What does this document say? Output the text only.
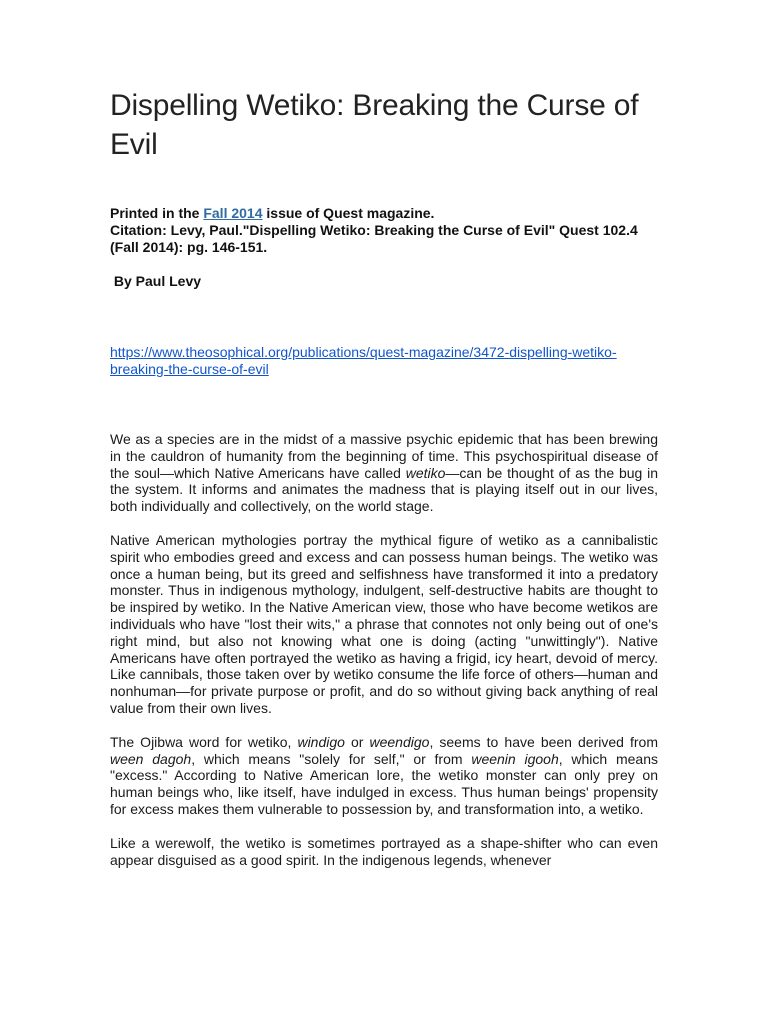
Dispelling Wetiko: Breaking the Curse of Evil
Printed in the Fall 2014 issue of Quest magazine.
Citation: Levy, Paul."Dispelling Wetiko: Breaking the Curse of Evil" Quest 102.4 (Fall 2014): pg. 146-151.
By Paul Levy
https://www.theosophical.org/publications/quest-magazine/3472-dispelling-wetiko-breaking-the-curse-of-evil

We as a species are in the midst of a massive psychic epidemic that has been brewing in the cauldron of humanity from the beginning of time. This psychospiritual disease of the soul—which Native Americans have called wetiko—can be thought of as the bug in the system. It informs and animates the madness that is playing itself out in our lives, both individually and collectively, on the world stage.

Native American mythologies portray the mythical figure of wetiko as a cannibalistic spirit who embodies greed and excess and can possess human beings. The wetiko was once a human being, but its greed and selfishness have transformed it into a predatory monster. Thus in indigenous mythology, indulgent, self-destructive habits are thought to be inspired by wetiko. In the Native American view, those who have become wetikos are individuals who have "lost their wits," a phrase that connotes not only being out of one's right mind, but also not knowing what one is doing (acting "unwittingly"). Native Americans have often portrayed the wetiko as having a frigid, icy heart, devoid of mercy. Like cannibals, those taken over by wetiko consume the life force of others—human and nonhuman—for private purpose or profit, and do so without giving back anything of real value from their own lives.

The Ojibwa word for wetiko, windigo or weendigo, seems to have been derived from ween dagoh, which means "solely for self," or from weenin igooh, which means "excess." According to Native American lore, the wetiko monster can only prey on human beings who, like itself, have indulged in excess. Thus human beings' propensity for excess makes them vulnerable to possession by, and transformation into, a wetiko.

Like a werewolf, the wetiko is sometimes portrayed as a shape-shifter who can even appear disguised as a good spirit. In the indigenous legends, whenever
